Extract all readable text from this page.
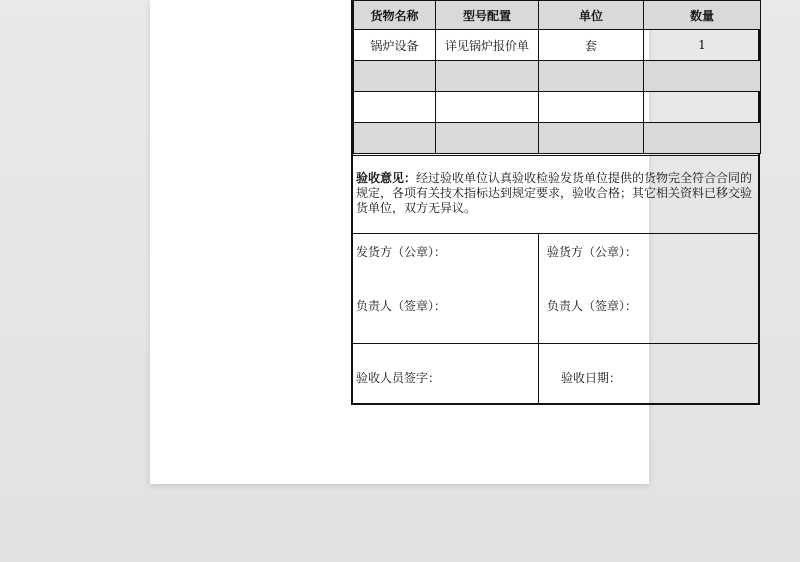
货物名称	型号配置	单位	数量
锅炉设备	详见锅炉报价单	套	1

验收意见：经过验收单位认真验收检验发货单位提供的货物完全符合合同的规定，各项有关技术指标达到规定要求，验收合格；其它相关资料已移交验货单位，双方无异议。
发货方（公章）：	验货方（公章）：
负责人（签章）：	负责人（签章）：
验收人员签字：	验收日期：
